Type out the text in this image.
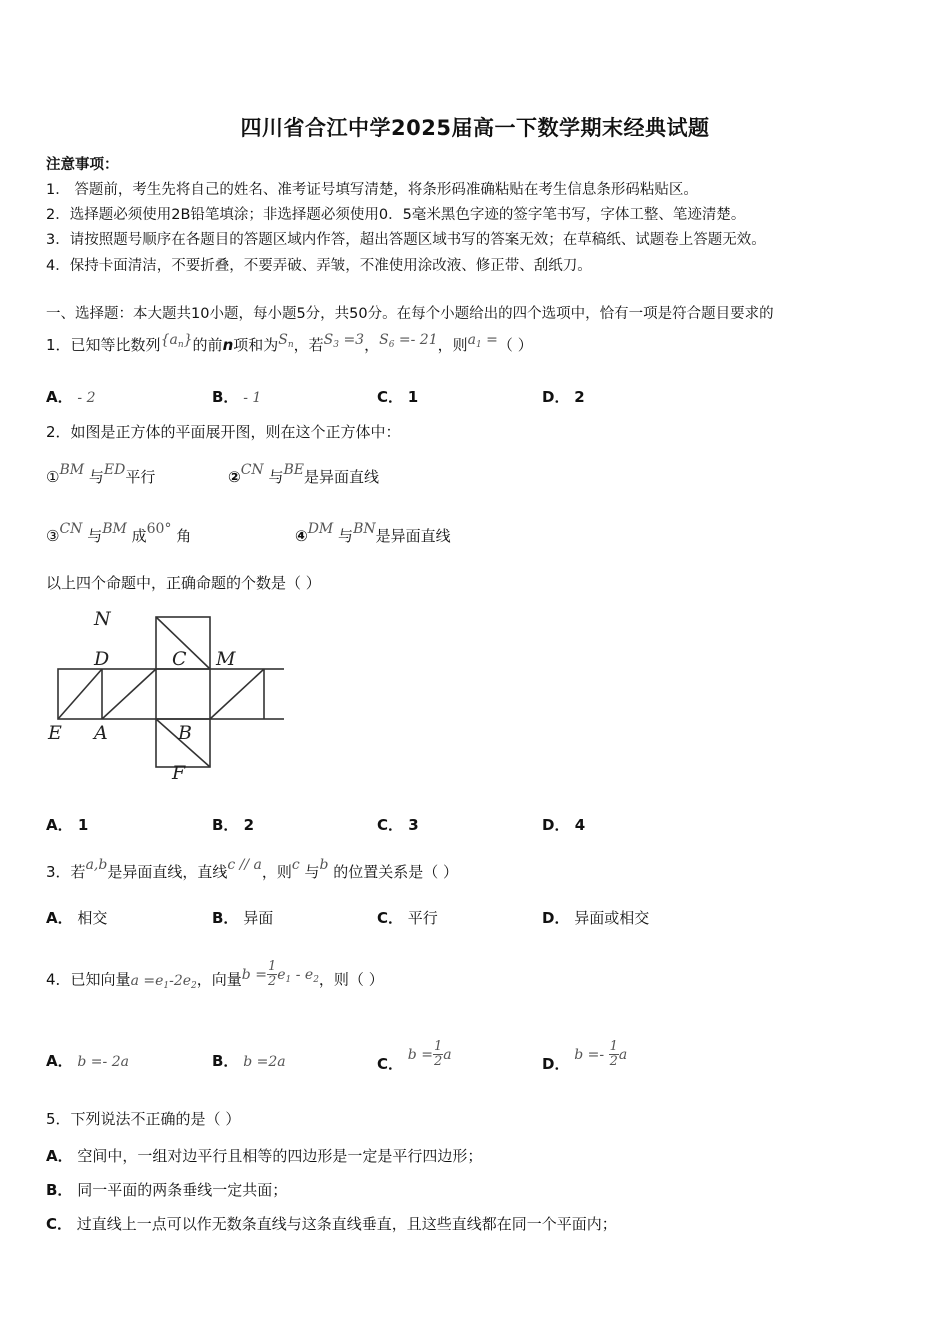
四川省合江中学2025届高一下数学期末经典试题
注意事项：
1． 答题前，考生先将自己的姓名、准考证号填写清楚，将条形码准确粘贴在考生信息条形码粘贴区。
2．选择题必须使用2B铅笔填涂；非选择题必须使用0．5毫米黑色字迹的签字笔书写，字体工整、笔迹清楚。
3．请按照题号顺序在各题目的答题区域内作答，超出答题区域书写的答案无效；在草稿纸、试题卷上答题无效。
4．保持卡面清洁，不要折叠，不要弄破、弄皱，不准使用涂改液、修正带、刮纸刀。
一、选择题：本大题共10小题，每小题5分，共50分。在每个小题给出的四个选项中，恰有一项是符合题目要求的
1．已知等比数列$\{a_n\}$的前n项和为$S_n$，若$S_3 =3$，$S_6 =- 21$，则$a_1$ =（ ）
A． - 2	B． - 1	C． 1	D． 2
2．如图是正方体的平面展开图，则在这个正方体中：
①BM 与ED平行	②CN 与BE是异面直线
③CN 与BM 成60° 角	④DM 与BN是异面直线
以上四个命题中，正确命题的个数是（ ）
N
D	C M
E A	B
F
A． 1	B． 2	C． 3	D． 4
3．若a,b是异面直线，直线c // a，则c 与b 的位置关系是（ ）
A． 相交	B． 异面	C． 平行	D． 异面或相交
4．已知向量$a =e_1-2e_2$，向量$b = \frac{1}{2} e_1 - e_2$，则（ ）
A． b =- 2a	B． b =2a	C． $b = \frac{1}{2}$ a	D． $b =- \frac{1}{2}$ a
5．下列说法不正确的是（ ）
A． 空间中，一组对边平行且相等的四边形是一定是平行四边形；
B． 同一平面的两条垂线一定共面；
C． 过直线上一点可以作无数条直线与这条直线垂直，且这些直线都在同一个平面内；
